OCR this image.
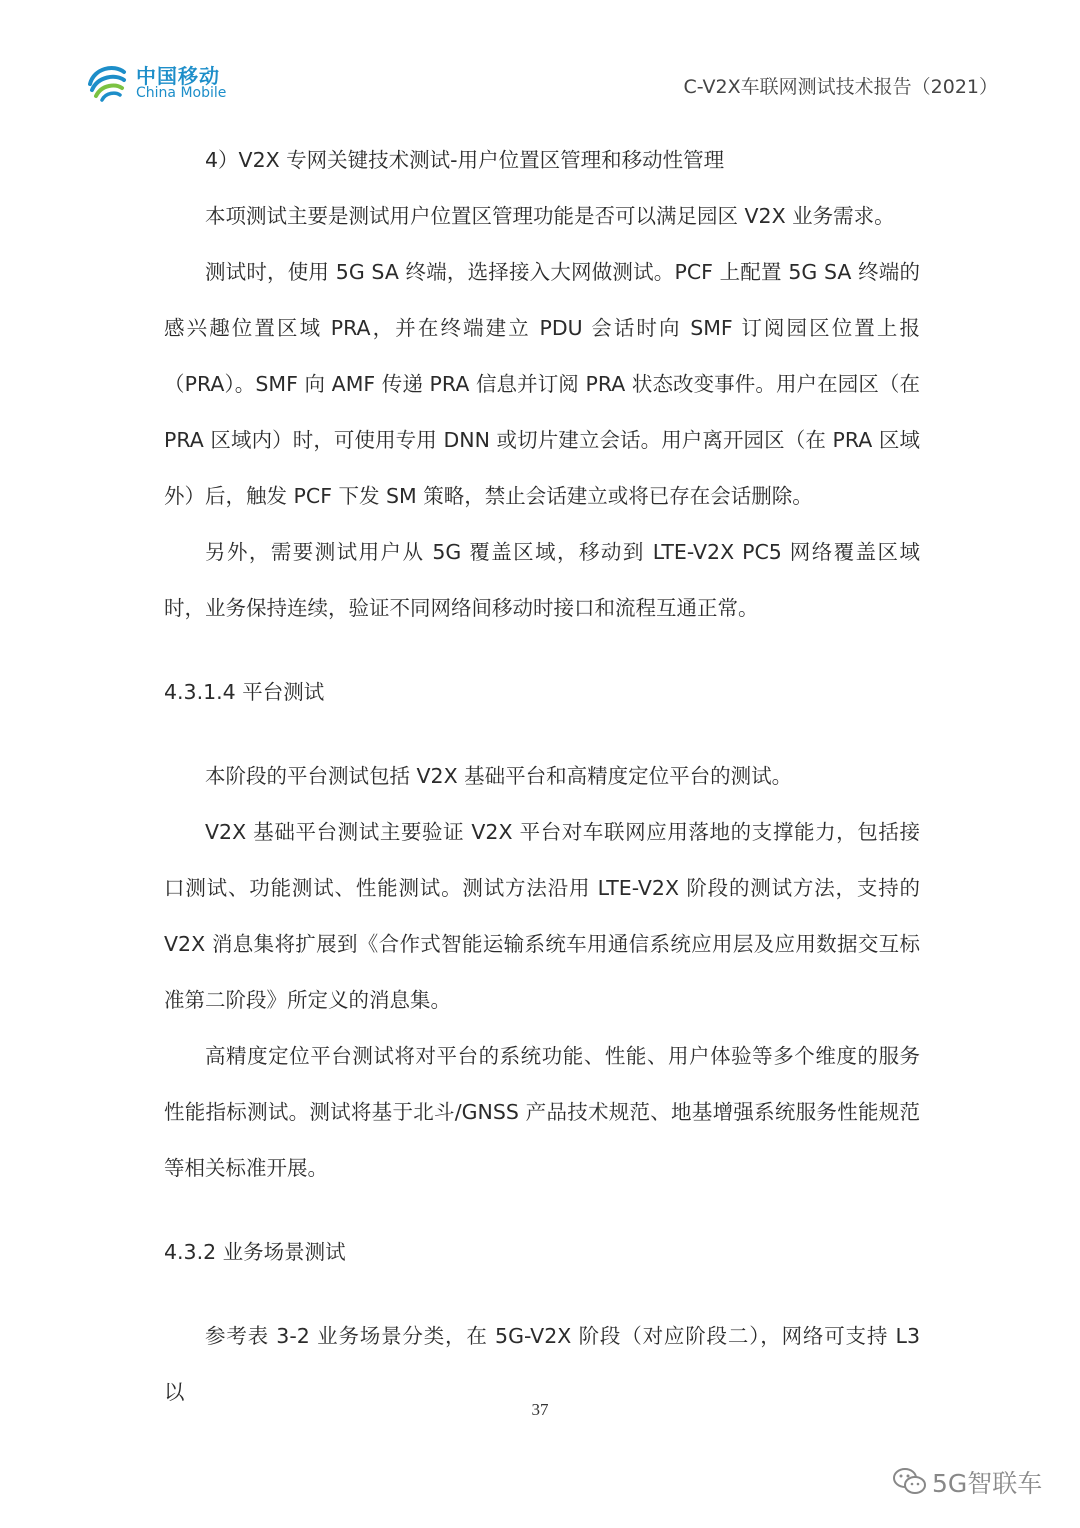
中国移动
China Mobile	C-V2X车联网测试技术报告（2021）

4）V2X 专网关键技术测试-用户位置区管理和移动性管理

本项测试主要是测试用户位置区管理功能是否可以满足园区 V2X 业务需求。

测试时，使用 5G SA 终端，选择接入大网做测试。PCF 上配置 5G SA 终端的感兴趣位置区域 PRA，并在终端建立 PDU 会话时向 SMF 订阅园区位置上报（PRA）。SMF 向 AMF 传递 PRA 信息并订阅 PRA 状态改变事件。用户在园区（在 PRA 区域内）时，可使用专用 DNN 或切片建立会话。用户离开园区（在 PRA 区域外）后，触发 PCF 下发 SM 策略，禁止会话建立或将已存在会话删除。

另外，需要测试用户从 5G 覆盖区域，移动到 LTE-V2X PC5 网络覆盖区域时，业务保持连续，验证不同网络间移动时接口和流程互通正常。

4.3.1.4 平台测试

本阶段的平台测试包括 V2X 基础平台和高精度定位平台的测试。

V2X 基础平台测试主要验证 V2X 平台对车联网应用落地的支撑能力，包括接口测试、功能测试、性能测试。测试方法沿用 LTE-V2X 阶段的测试方法，支持的 V2X 消息集将扩展到《合作式智能运输系统车用通信系统应用层及应用数据交互标准第二阶段》所定义的消息集。

高精度定位平台测试将对平台的系统功能、性能、用户体验等多个维度的服务性能指标测试。测试将基于北斗/GNSS 产品技术规范、地基增强系统服务性能规范等相关标准开展。

4.3.2 业务场景测试

参考表 3-2 业务场景分类，在 5G-V2X 阶段（对应阶段二），网络可支持 L3 以

37
5G智联车
